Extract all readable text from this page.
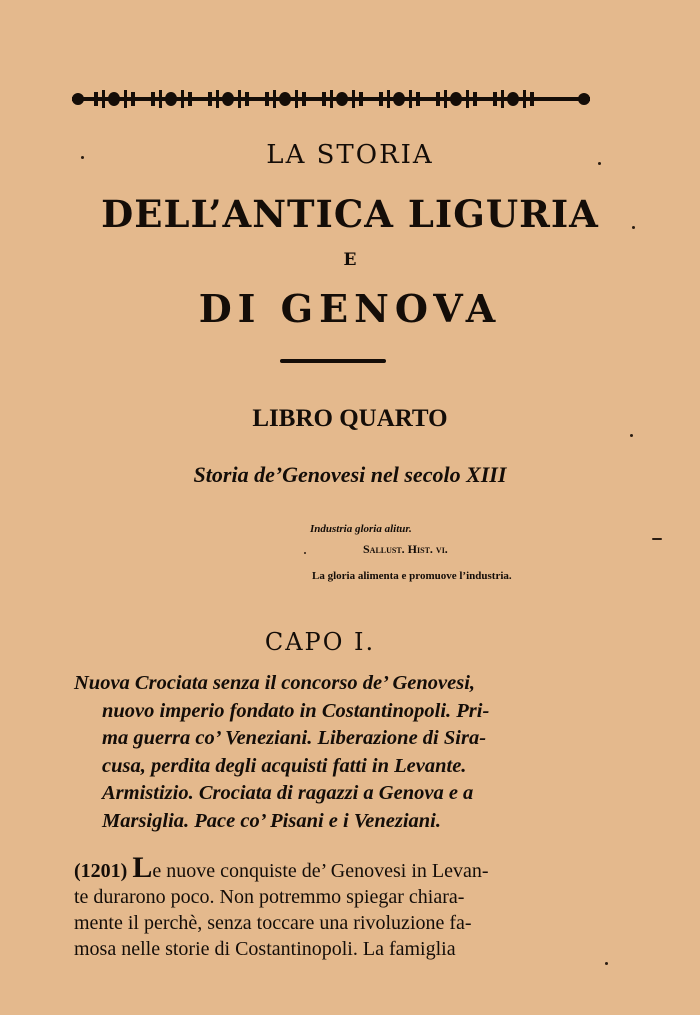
LA STORIA
DELL’ANTICA LIGURIA
E
DI GENOVA
LIBRO QUARTO
Storia de’Genovesi nel secolo XIII
Industria gloria alitur.
Sallust. Hist. vi.
La gloria alimenta e promuove l’industria.
CAPO I.
Nuova Crociata senza il concorso de’ Genovesi,
nuovo imperio fondato in Costantinopoli. Pri-
ma guerra co’ Veneziani. Liberazione di Sira-
cusa, perdita degli acquisti fatti in Levante.
Armistizio. Crociata di ragazzi a Genova e a
Marsiglia. Pace co’ Pisani e i Veneziani.
(1201) Le nuove conquiste de’ Genovesi in Levan-
te durarono poco. Non potremmo spiegar chiara-
mente il perchè, senza toccare una rivoluzione fa-
mosa nelle storie di Costantinopoli. La famiglia
